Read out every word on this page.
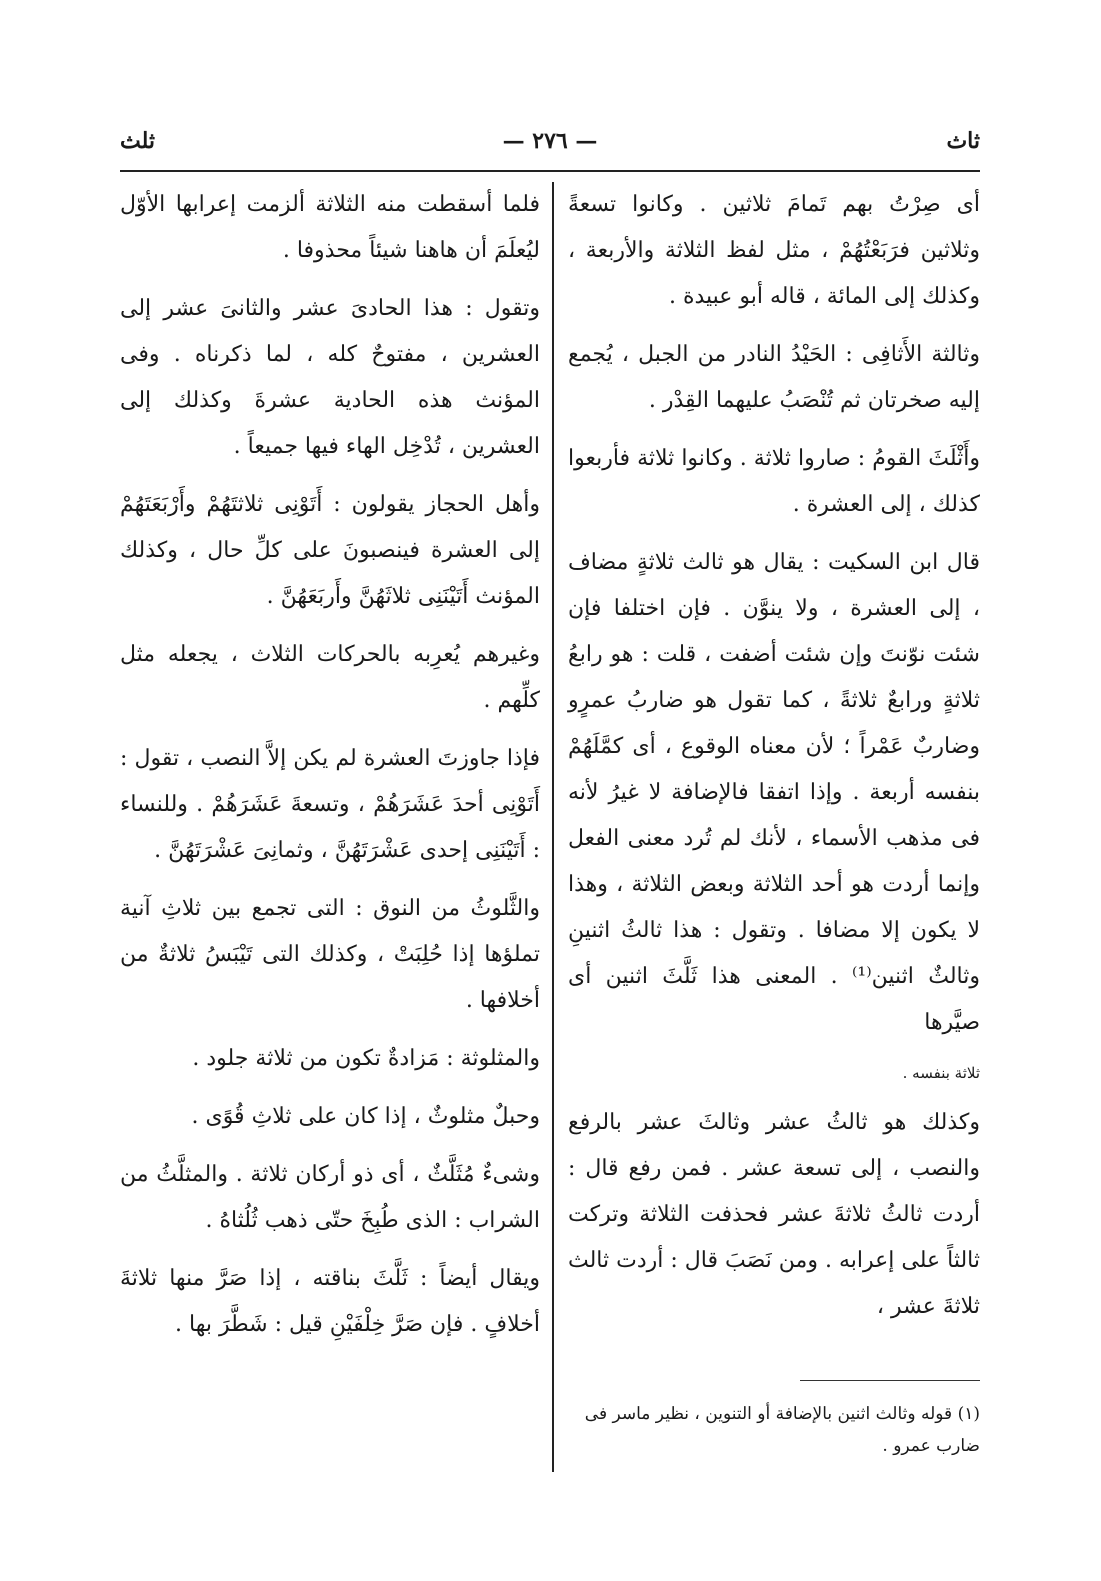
ثاث
— ٢٧٦ —
ثلث

أى صِرْتُ بهم تَمامَ ثلاثين . وكانوا تسعةً وثلاثين فرَبَعْتُهُمْ ، مثل لفظ الثلاثة والأربعة ، وكذلك إلى المائة ، قاله أبو عبيدة .

وثالثة الأَثافِى : الحَيْدُ النادر من الجبل ، يُجمع إليه صخرتان ثم تُنْصَبُ عليهما القِدْر .

وأَثْلَثَ القومُ : صاروا ثلاثة . وكانوا ثلاثة فأربعوا كذلك ، إلى العشرة .

قال ابن السكيت : يقال هو ثالث ثلاثةٍ مضاف ، إلى العشرة ، ولا ينوَّن . فإن اختلفا فإن شئت نوّنتَ وإن شئت أضفت ، قلت : هو رابعُ ثلاثةٍ ورابعٌ ثلاثةً ، كما تقول هو ضاربُ عمرٍو وضاربٌ عَمْراً ؛ لأن معناه الوقوع ، أى كمَّلَهُمْ بنفسه أربعة . وإذا اتفقا فالإضافة لا غيرُ لأنه فى مذهب الأسماء ، لأنك لم تُرد معنى الفعل وإنما أردت هو أحد الثلاثة وبعض الثلاثة ، وهذا لا يكون إلا مضافا . وتقول : هذا ثالثُ اثنينِ وثالثٌ اثنين⁽¹⁾ . المعنى هذا ثَلَّثَ اثنين أى صيَّرها

ثلاثة بنفسه .

وكذلك هو ثالثُ عشر وثالثَ عشر بالرفع والنصب ، إلى تسعة عشر . فمن رفع قال : أردت ثالثُ ثلاثةَ عشر فحذفت الثلاثة وتركت ثالثاً على إعرابه . ومن نَصَبَ قال : أردت ثالث ثلاثةَ عشر ،

فلما أسقطت منه الثلاثة ألزمت إعرابها الأوّل ليُعلَمَ أن هاهنا شيئاً محذوفا .

وتقول : هذا الحادىَ عشر والثانىَ عشر إلى العشرين ، مفتوحٌ كله ، لما ذكرناه . وفى المؤنث هذه الحادية عشرةَ وكذلك إلى العشرين ، تُدْخِل الهاء فيها جميعاً .

وأهل الحجاز يقولون : أَتَوْنِى ثلاثتَهُمْ وأَرْبَعَتَهُمْ إلى العشرة فينصبونَ على كلِّ حال ، وكذلك المؤنث أَتَيْنَنِى ثلاثَهُنَّ وأَربَعَهُنَّ .

وغيرهم يُعرِبه بالحركات الثلاث ، يجعله مثل كلِّهم .

فإذا جاوزتَ العشرة لم يكن إلاَّ النصب ، تقول : أَتَوْنِى أحدَ عَشَرَهُمْ ، وتسعةَ عَشَرَهُمْ . وللنساء : أَتَيْنَنِى إحدى عَشْرَتَهُنَّ ، وثمانِىَ عَشْرَتَهُنَّ .

والثَّلوثُ من النوق : التى تجمع بين ثلاثِ آنية تملؤها إذا حُلِبَتْ ، وكذلك التى تَيْبَسُ ثلاثةٌ من أخلافها .

والمثلوثة : مَزادةٌ تكون من ثلاثة جلود .

وحبلٌ مثلوثٌ ، إذا كان على ثلاثِ قُوًى .

وشىءٌ مُثَلَّثٌ ، أى ذو أركان ثلاثة . والمثلَّثُ من الشراب : الذى طُبِخَ حتّى ذهب ثُلُثاهُ .

ويقال أيضاً : ثَلَّثَ بناقته ، إذا صَرَّ منها ثلاثةَ أخلافٍ . فإن صَرَّ خِلْفَيْنِ قيل : شَطَّرَ بها .

(١) قوله وثالث اثنين بالإضافة أو التنوين ، نظير ماسر فى ضارب عمرو .
